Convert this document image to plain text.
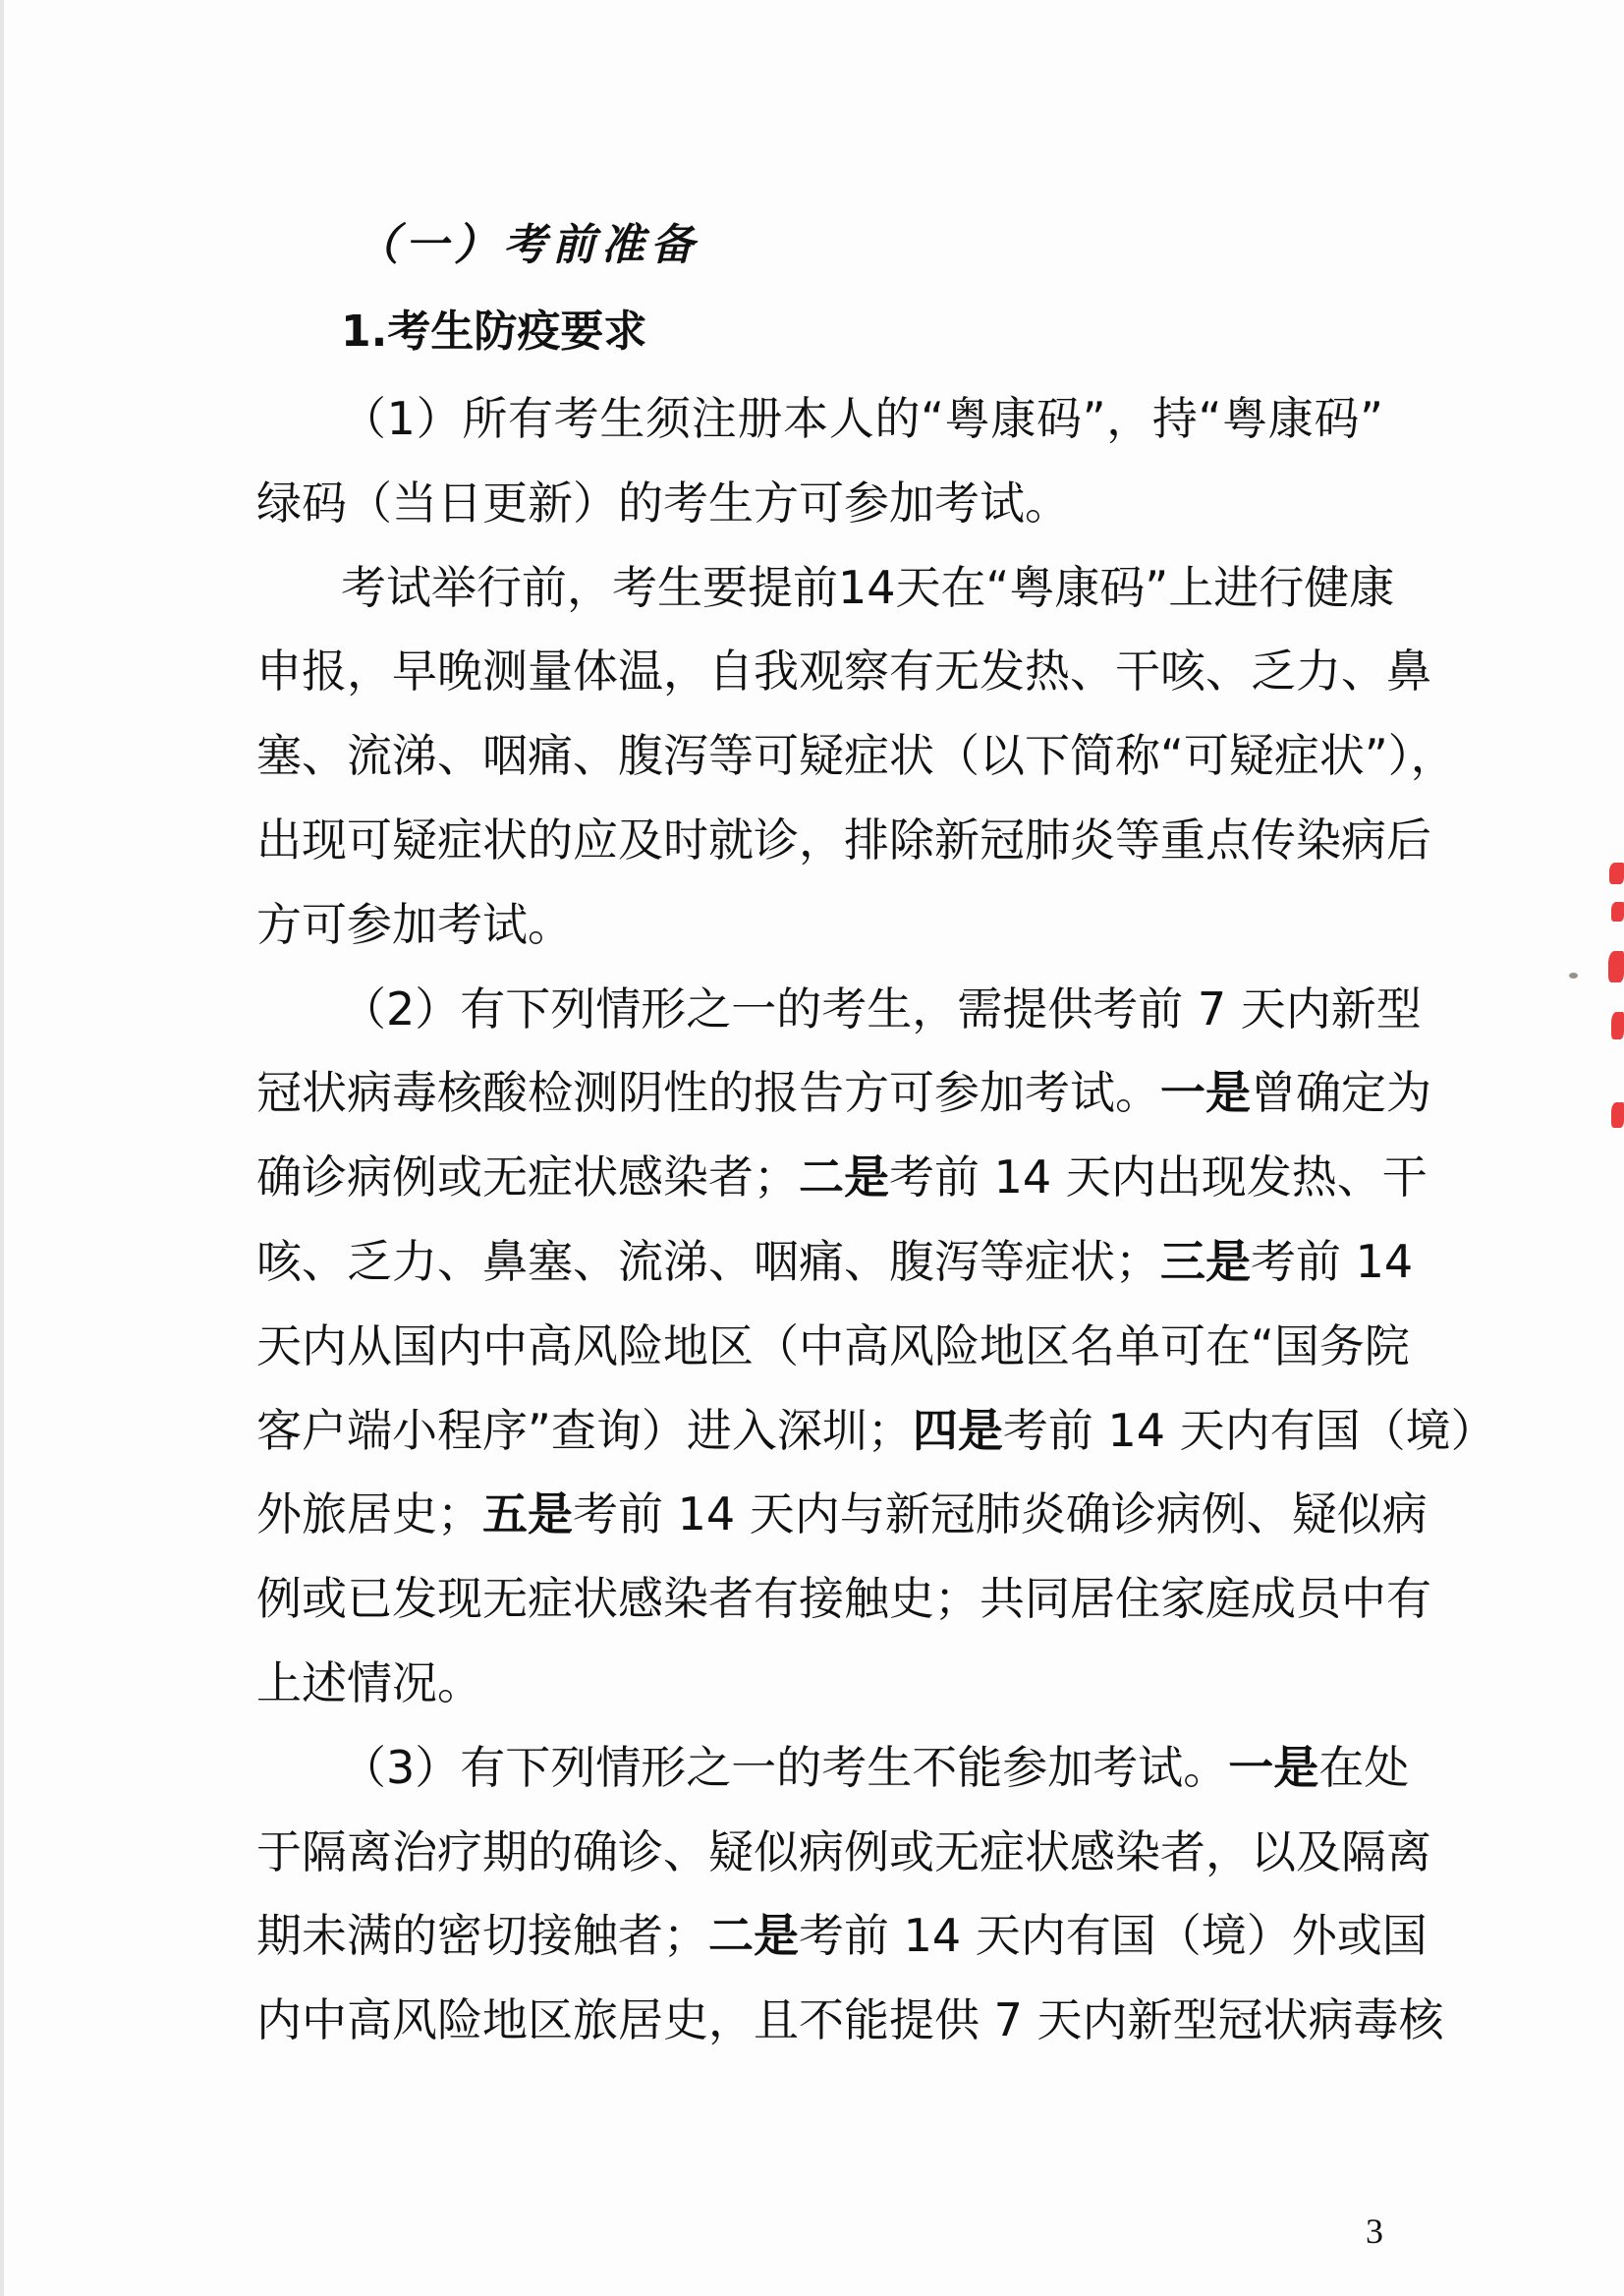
（一）考前准备
1.考生防疫要求
（1）所有考生须注册本人的“粤康码”，持“粤康码”
绿码（当日更新）的考生方可参加考试。
考试举行前，考生要提前14天在“粤康码”上进行健康
申报，早晚测量体温，自我观察有无发热、干咳、乏力、鼻
塞、流涕、咽痛、腹泻等可疑症状（以下简称“可疑症状”），
出现可疑症状的应及时就诊，排除新冠肺炎等重点传染病后
方可参加考试。
（2）有下列情形之一的考生，需提供考前 7 天内新型
冠状病毒核酸检测阴性的报告方可参加考试。一是曾确定为
确诊病例或无症状感染者；二是考前 14 天内出现发热、干
咳、乏力、鼻塞、流涕、咽痛、腹泻等症状；三是考前 14
天内从国内中高风险地区（中高风险地区名单可在“国务院
客户端小程序”查询）进入深圳；四是考前 14 天内有国（境）
外旅居史；五是考前 14 天内与新冠肺炎确诊病例、疑似病
例或已发现无症状感染者有接触史；共同居住家庭成员中有
上述情况。
（3）有下列情形之一的考生不能参加考试。一是在处
于隔离治疗期的确诊、疑似病例或无症状感染者，以及隔离
期未满的密切接触者；二是考前 14 天内有国（境）外或国
内中高风险地区旅居史，且不能提供 7 天内新型冠状病毒核
3
